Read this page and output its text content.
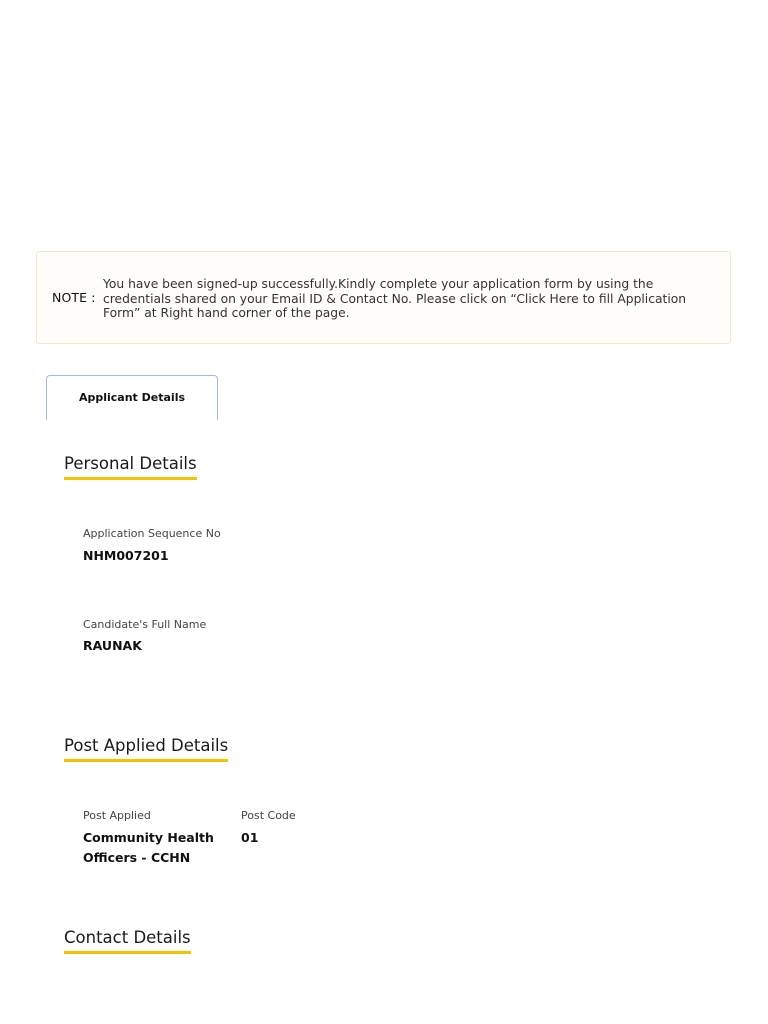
NOTE :
You have been signed-up successfully.Kindly complete your application form by using the credentials shared on your Email ID & Contact No. Please click on “Click Here to fill Application Form” at Right hand corner of the page.
Applicant Details
Personal Details
Application Sequence No
NHM007201
Candidate's Full Name
RAUNAK
Post Applied Details
Post Applied
Community Health Officers - CCHN
Post Code
01
Contact Details
